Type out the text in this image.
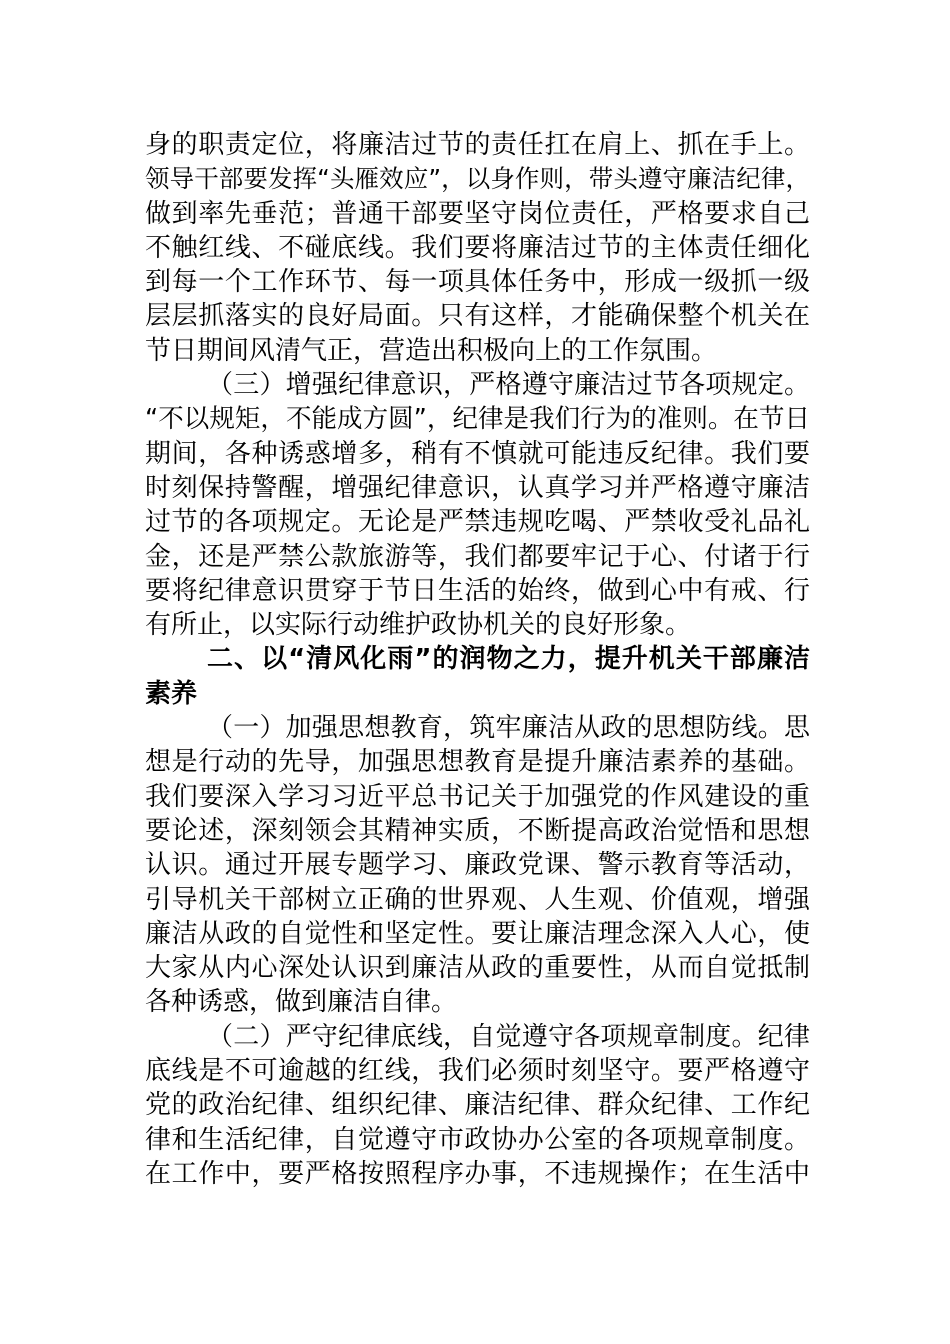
身的职责定位，将廉洁过节的责任扛在肩上、抓在手上。
领导干部要发挥“头雁效应”，以身作则，带头遵守廉洁纪律，
做到率先垂范；普通干部要坚守岗位责任，严格要求自己
不触红线、不碰底线。我们要将廉洁过节的主体责任细化
到每一个工作环节、每一项具体任务中，形成一级抓一级
层层抓落实的良好局面。只有这样，才能确保整个机关在
节日期间风清气正，营造出积极向上的工作氛围。
（三）增强纪律意识，严格遵守廉洁过节各项规定。
“不以规矩，不能成方圆”，纪律是我们行为的准则。在节日
期间，各种诱惑增多，稍有不慎就可能违反纪律。我们要
时刻保持警醒，增强纪律意识，认真学习并严格遵守廉洁
过节的各项规定。无论是严禁违规吃喝、严禁收受礼品礼
金，还是严禁公款旅游等，我们都要牢记于心、付诸于行
要将纪律意识贯穿于节日生活的始终，做到心中有戒、行
有所止，以实际行动维护政协机关的良好形象。
二、以“清风化雨”的润物之力，提升机关干部廉洁
素养
（一）加强思想教育，筑牢廉洁从政的思想防线。思
想是行动的先导，加强思想教育是提升廉洁素养的基础。
我们要深入学习习近平总书记关于加强党的作风建设的重
要论述，深刻领会其精神实质，不断提高政治觉悟和思想
认识。通过开展专题学习、廉政党课、警示教育等活动，
引导机关干部树立正确的世界观、人生观、价值观，增强
廉洁从政的自觉性和坚定性。要让廉洁理念深入人心，使
大家从内心深处认识到廉洁从政的重要性，从而自觉抵制
各种诱惑，做到廉洁自律。
（二）严守纪律底线，自觉遵守各项规章制度。纪律
底线是不可逾越的红线，我们必须时刻坚守。要严格遵守
党的政治纪律、组织纪律、廉洁纪律、群众纪律、工作纪
律和生活纪律，自觉遵守市政协办公室的各项规章制度。
在工作中，要严格按照程序办事，不违规操作；在生活中
